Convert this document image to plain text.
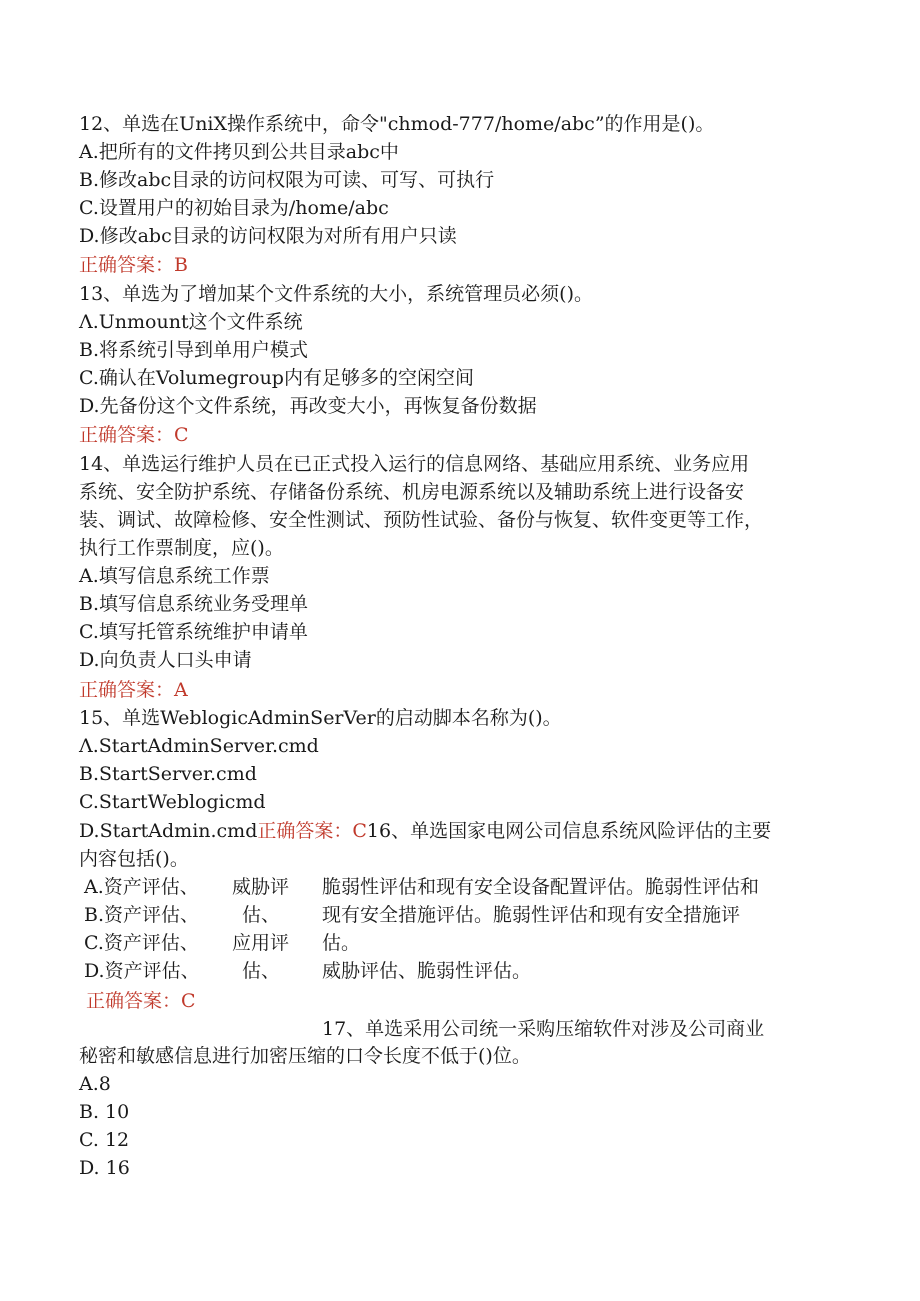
12、单选在UniX操作系统中，命令"chmod-777/home/abc”的作用是()。

A.把所有的文件拷贝到公共目录abc中

B.修改abc目录的访问权限为可读、可写、可执行

C.设置用户的初始目录为/home/abc

D.修改abc目录的访问权限为对所有用户只读

正确答案：B

13、单选为了增加某个文件系统的大小，系统管理员必须()。

Λ.Unmount这个文件系统

B.将系统引导到单用户模式

C.确认在Volumegroup内有足够多的空闲空间

D.先备份这个文件系统，再改变大小，再恢复备份数据

正确答案：C

14、单选运行维护人员在已正式投入运行的信息网络、基础应用系统、业务应用

系统、安全防护系统、存储备份系统、机房电源系统以及辅助系统上进行设备安

装、调试、故障检修、安全性测试、预防性试验、备份与恢复、软件变更等工作，

执行工作票制度，应()。

A.填写信息系统工作票

B.填写信息系统业务受理单

C.填写托管系统维护申请单

D.向负责人口头申请

正确答案：A

15、单选WeblogicAdminSerVer的启动脚本名称为()。

Λ.StartAdminServer.cmd

B.StartServer.cmd

C.StartWeblogicmd

D.StartAdmin.cmd正确答案：C16、单选国家电网公司信息系统风险评估的主要

内容包括()。

A.资产评估、

B.资产评估、

C.资产评估、

D.资产评估、

威胁评

估、

应用评

估、

脆弱性评估和现有安全设备配置评估。脆弱性评估和

现有安全措施评估。脆弱性评估和现有安全措施评

估。

威胁评估、脆弱性评估。

正确答案：C

17、单选采用公司统一采购压缩软件对涉及公司商业

秘密和敏感信息进行加密压缩的口令长度不低于()位。

A.8

B. 10

C. 12

D. 16
